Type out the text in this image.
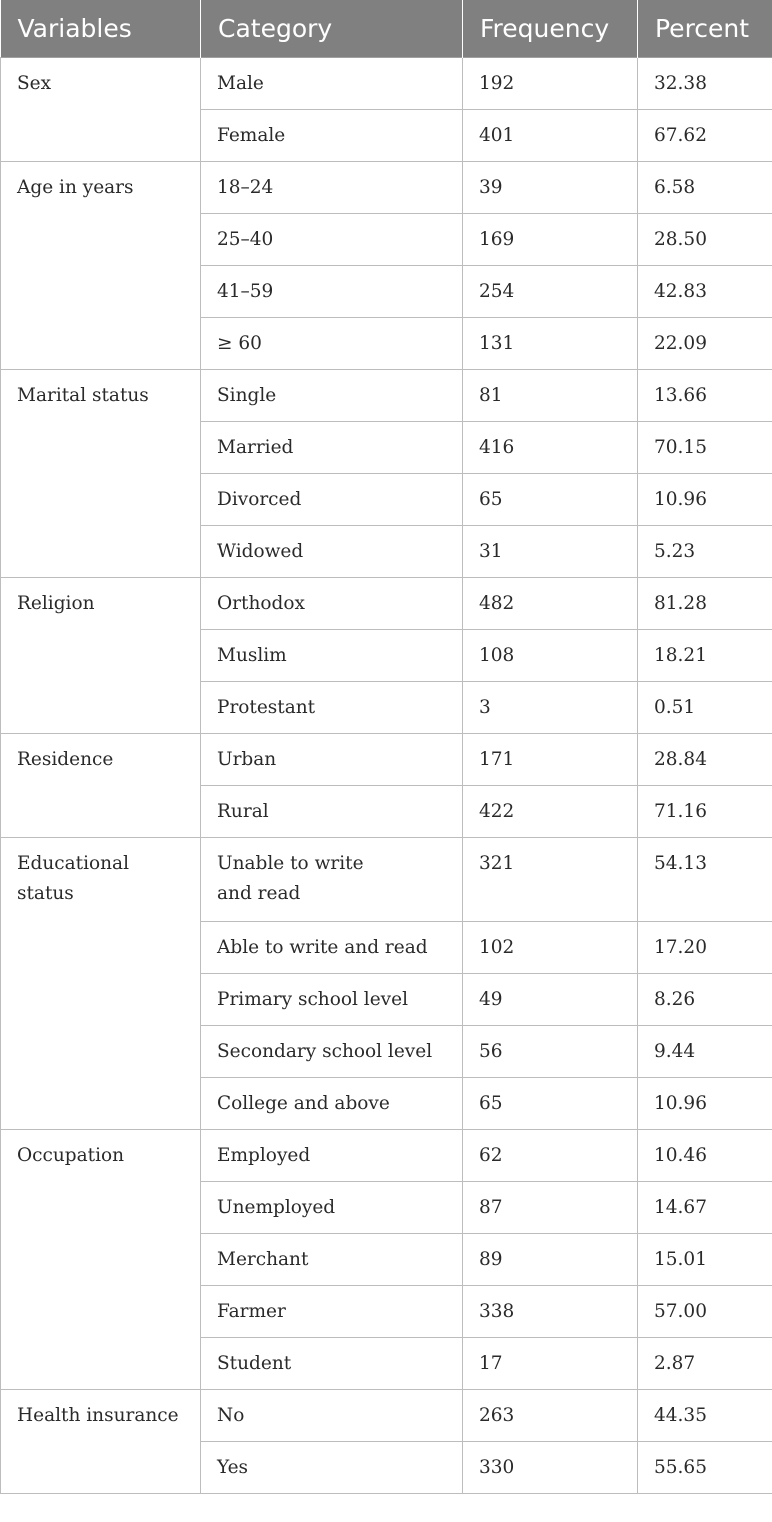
Variables	Category	Frequency	Percent
Sex	Male	192	32.38

	Female	401	67.62
Age in years	18–24	39	6.58

	25–40	169	28.50

	41–59	254	42.83

	≥ 60	131	22.09
Marital status	Single	81	13.66

	Married	416	70.15

	Divorced	65	10.96

	Widowed	31	5.23
Religion	Orthodox	482	81.28

	Muslim	108	18.21

	Protestant	3	0.51
Residence	Urban	171	28.84

	Rural	422	71.16
Educational status	Unable to write and read	321	54.13

	Able to write and read	102	17.20

	Primary school level	49	8.26

	Secondary school level	56	9.44

	College and above	65	10.96
Occupation	Employed	62	10.46

	Unemployed	87	14.67

	Merchant	89	15.01

	Farmer	338	57.00

	Student	17	2.87
Health insurance	No	263	44.35

	Yes	330	55.65
